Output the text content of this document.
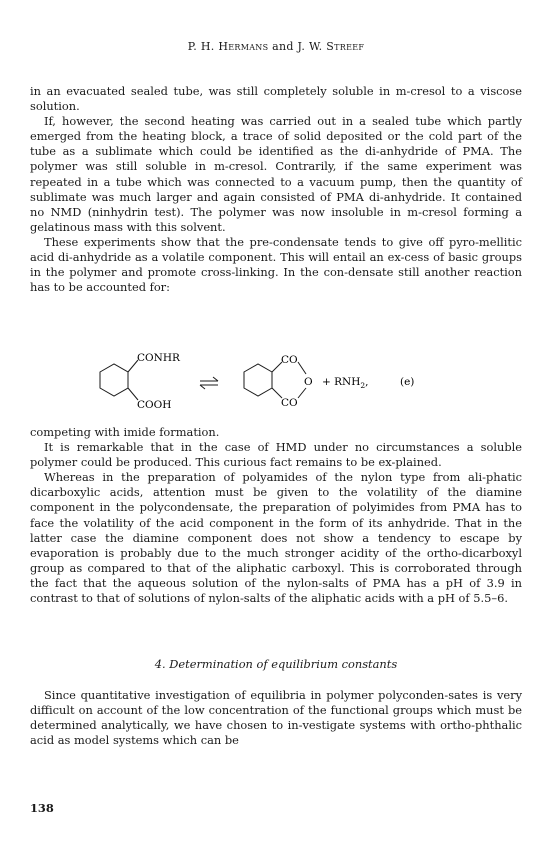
P. H. Hermans and J. W. Streef

in an evacuated sealed tube, was still completely soluble in m-cresol to a viscose solution.

If, however, the second heating was carried out in a sealed tube which partly emerged from the heating block, a trace of solid deposited or the cold part of the tube as a sublimate which could be identified as the di-anhydride of PMA. The polymer was still soluble in m-cresol. Contrarily, if the same experiment was repeated in a tube which was connected to a vacuum pump, then the quantity of sublimate was much larger and again consisted of PMA di-anhydride. It contained no NMD (ninhydrin test). The polymer was now insoluble in m-cresol forming a gelatinous mass with this solvent.

These experiments show that the pre-condensate tends to give off pyro-mellitic acid di-anhydride as a volatile component. This will entail an ex-cess of basic groups in the polymer and promote cross-linking. In the con-densate still another reaction has to be accounted for:

CONHR
COOH
CO
O
CO
+ $RNH_2$,	(e)

competing with imide formation.

It is remarkable that in the case of HMD under no circumstances a soluble polymer could be produced. This curious fact remains to be ex-plained.

Whereas in the preparation of polyamides of the nylon type from ali-phatic dicarboxylic acids, attention must be given to the volatility of the diamine component in the polycondensate, the preparation of polyimides from PMA has to face the volatility of the acid component in the form of its anhydride. That in the latter case the diamine component does not show a tendency to escape by evaporation is probably due to the much stronger acidity of the ortho-dicarboxyl group as compared to that of the aliphatic carboxyl. This is corroborated through the fact that the aqueous solution of the nylon-salts of PMA has a pH of 3.9 in contrast to that of solutions of nylon-salts of the aliphatic acids with a pH of 5.5–6.

4. Determination of equilibrium constants

Since quantitative investigation of equilibria in polymer polyconden-sates is very difficult on account of the low concentration of the functional groups which must be determined analytically, we have chosen to in-vestigate systems with ortho-phthalic acid as model systems which can be

138
